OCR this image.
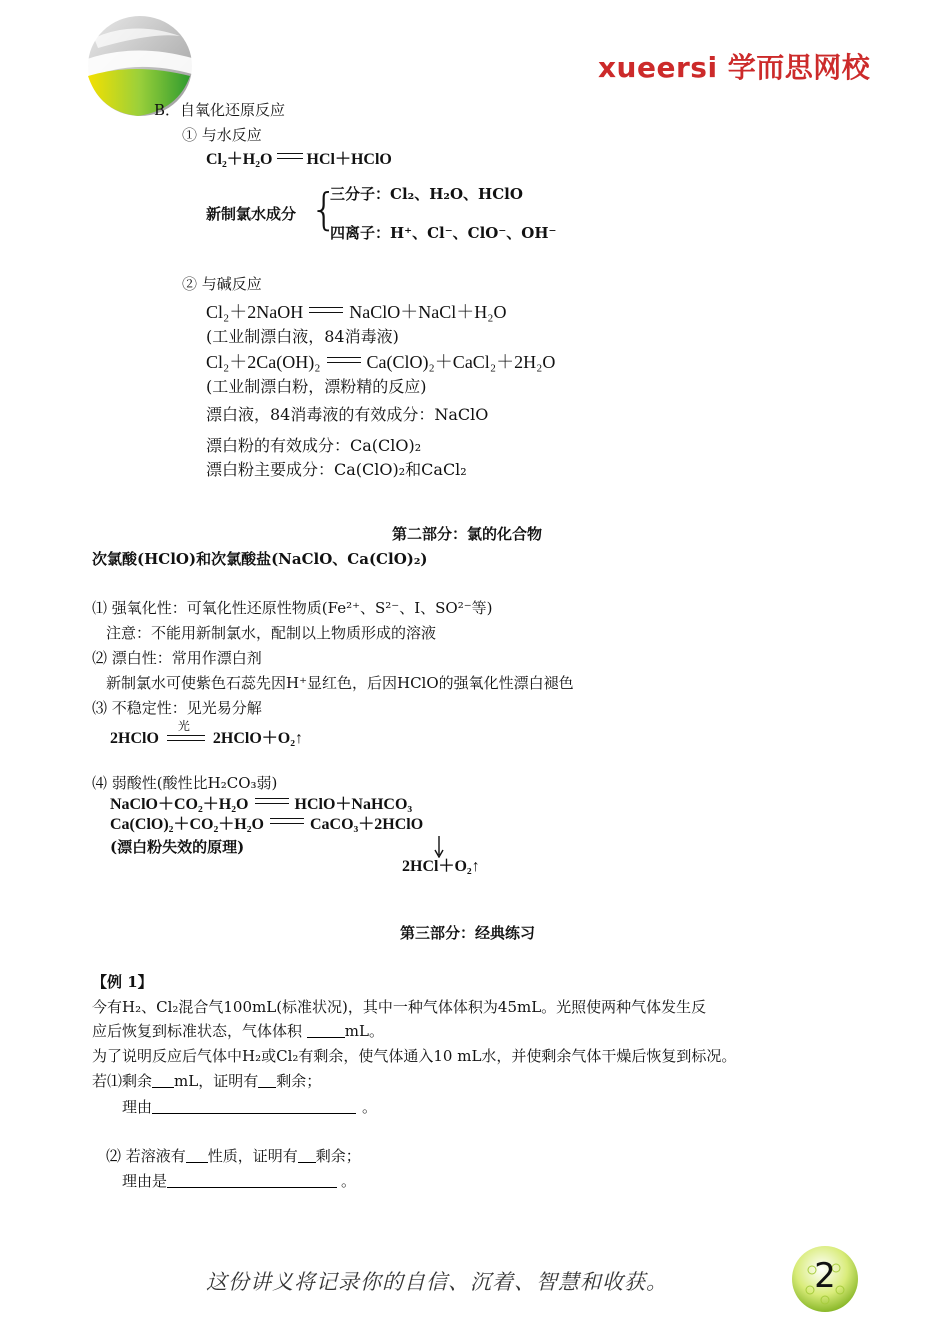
xueersi 学而思网校
B．自氧化还原反应
① 与水反应
Cl₂＋H₂O HCl＋HClO
新制氯水成分 {
三分子：Cl₂、H₂O、HClO
四离子：H⁺、Cl⁻、ClO⁻、OH⁻
② 与碱反应
Cl₂＋2NaOH	NaClO＋NaCl＋H₂O
(工业制漂白液，84消毒液)
Cl₂＋2Ca(OH)₂	Ca(ClO)₂＋CaCl₂＋2H₂O
(工业制漂白粉，漂粉精的反应)
漂白液，84消毒液的有效成分：NaClO
漂白粉的有效成分：Ca(ClO)₂
漂白粉主要成分：Ca(ClO)₂和CaCl₂
第二部分：氯的化合物
次氯酸(HClO)和次氯酸盐(NaClO、Ca(ClO)₂)
⑴ 强氧化性：可氧化性还原性物质(Fe²⁺、S²⁻、I、SO²⁻等)
注意：不能用新制氯水，配制以上物质形成的溶液
⑵ 漂白性：常用作漂白剂
新制氯水可使紫色石蕊先因H⁺显红色，后因HClO的强氧化性漂白褪色
⑶ 不稳定性：见光易分解
2HClO
光
2HClO＋O₂↑
⑷ 弱酸性(酸性比H₂CO₃弱)
NaClO＋CO₂＋H₂O	HClO＋NaHCO₃
Ca(ClO)₂＋CO₂＋H₂O	CaCO₃＋2HClO
(漂白粉失效的原理)
2HCl＋O₂↑
第三部分：经典练习
【例 1】
今有H₂、Cl₂混合气100mL(标准状况)，其中一种气体体积为45mL。光照使两种气体发生反
应后恢复到标准状态，气体体积	mL。
为了说明反应后气体中H₂或Cl₂有剩余，使气体通入10 mL水，并使剩余气体干燥后恢复到标况。
若⑴剩余 mL，证明有 剩余；
理由	。
⑵ 若溶液有 性质，证明有 剩余；
理由是	。
这份讲义将记录你的自信、沉着、智慧和收获。	2
